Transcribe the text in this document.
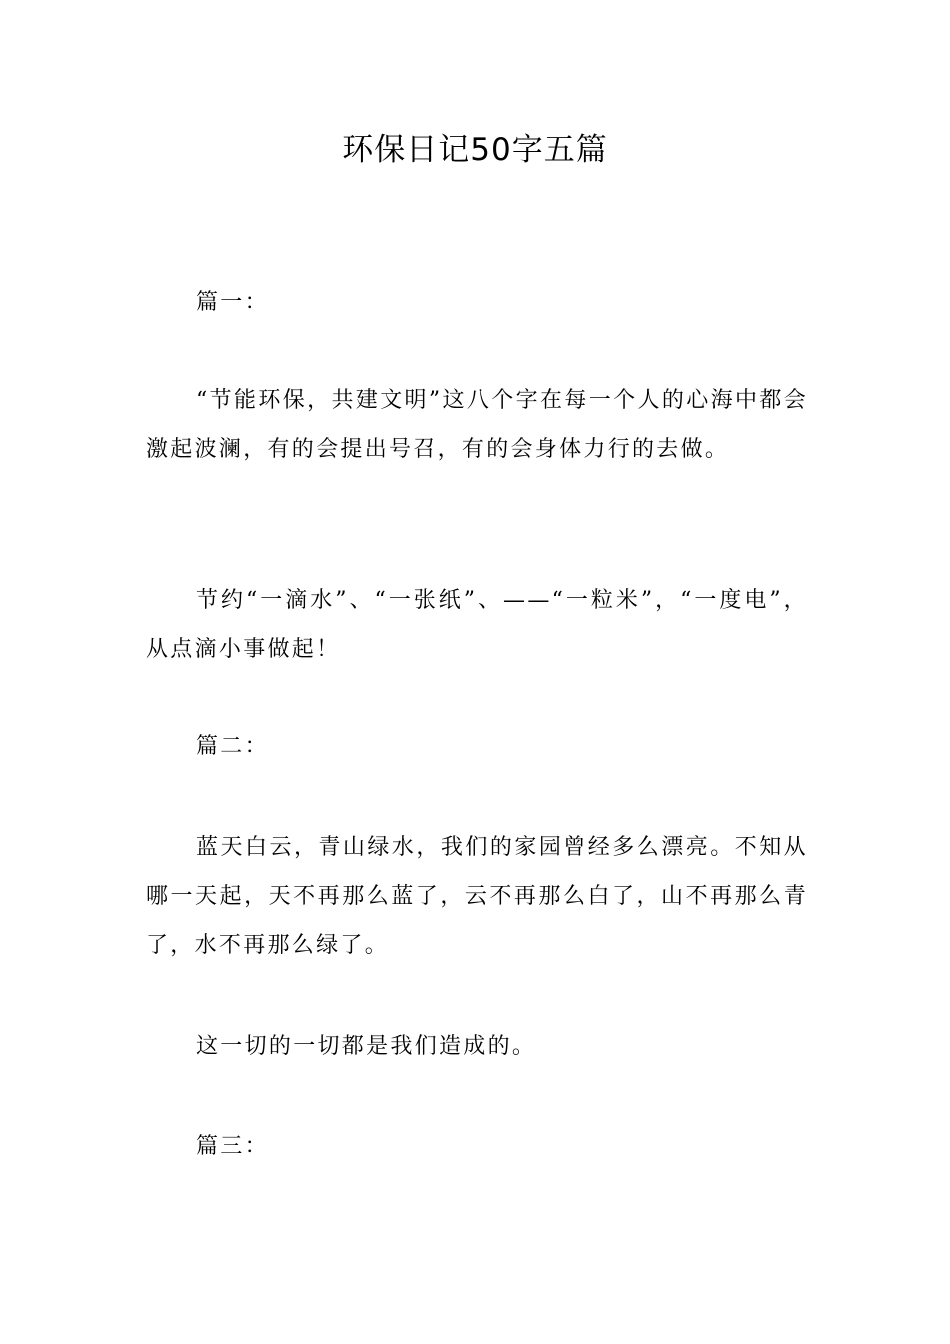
环保日记50字五篇

篇一：

“节能环保，共建文明”这八个字在每一个人的心海中都会激起波澜，有的会提出号召，有的会身体力行的去做。

节约“一滴水”、“一张纸”、——“一粒米”，“一度电”，从点滴小事做起！

篇二：

蓝天白云，青山绿水，我们的家园曾经多么漂亮。不知从哪一天起，天不再那么蓝了，云不再那么白了，山不再那么青了，水不再那么绿了。

这一切的一切都是我们造成的。

篇三：
